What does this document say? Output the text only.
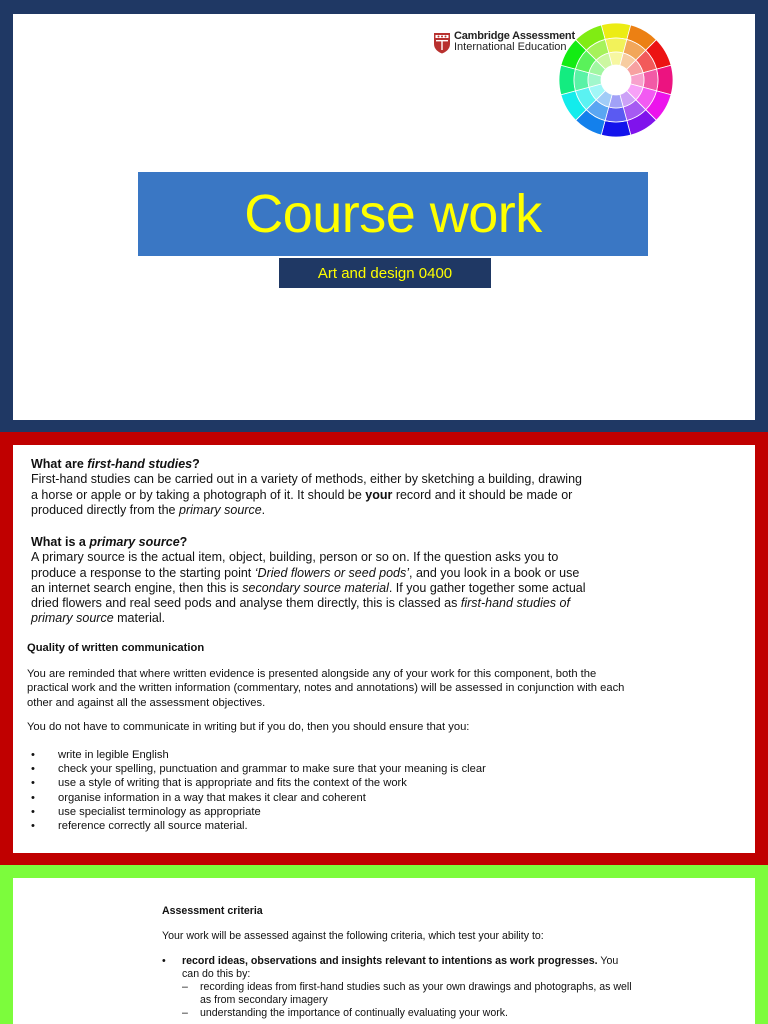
Cambridge Assessment
International Education
Course work
Art and design 0400
What are first-hand studies?
First-hand studies can be carried out in a variety of methods, either by sketching a building, drawing a horse or apple or by taking a photograph of it. It should be your record and it should be made or produced directly from the primary source.
What is a primary source?
A primary source is the actual item, object, building, person or so on. If the question asks you to produce a response to the starting point ‘Dried flowers or seed pods’, and you look in a book or use an internet search engine, then this is secondary source material. If you gather together some actual dried flowers and real seed pods and analyse them directly, this is classed as first-hand studies of primary source material.
Quality of written communication

You are reminded that where written evidence is presented alongside any of your work for this component, both the practical work and the written information (commentary, notes and annotations) will be assessed in conjunction with each other and against all the assessment objectives.

You do not have to communicate in writing but if you do, then you should ensure that you:

• write in legible English
• check your spelling, punctuation and grammar to make sure that your meaning is clear
• use a style of writing that is appropriate and fits the context of the work
• organise information in a way that makes it clear and coherent
• use specialist terminology as appropriate
• reference correctly all source material.
Assessment criteria
Your work will be assessed against the following criteria, which test your ability to:
• record ideas, observations and insights relevant to intentions as work progresses. You can do this by:
– recording ideas from first-hand studies such as your own drawings and photographs, as well as from secondary imagery
– understanding the importance of continually evaluating your work.
